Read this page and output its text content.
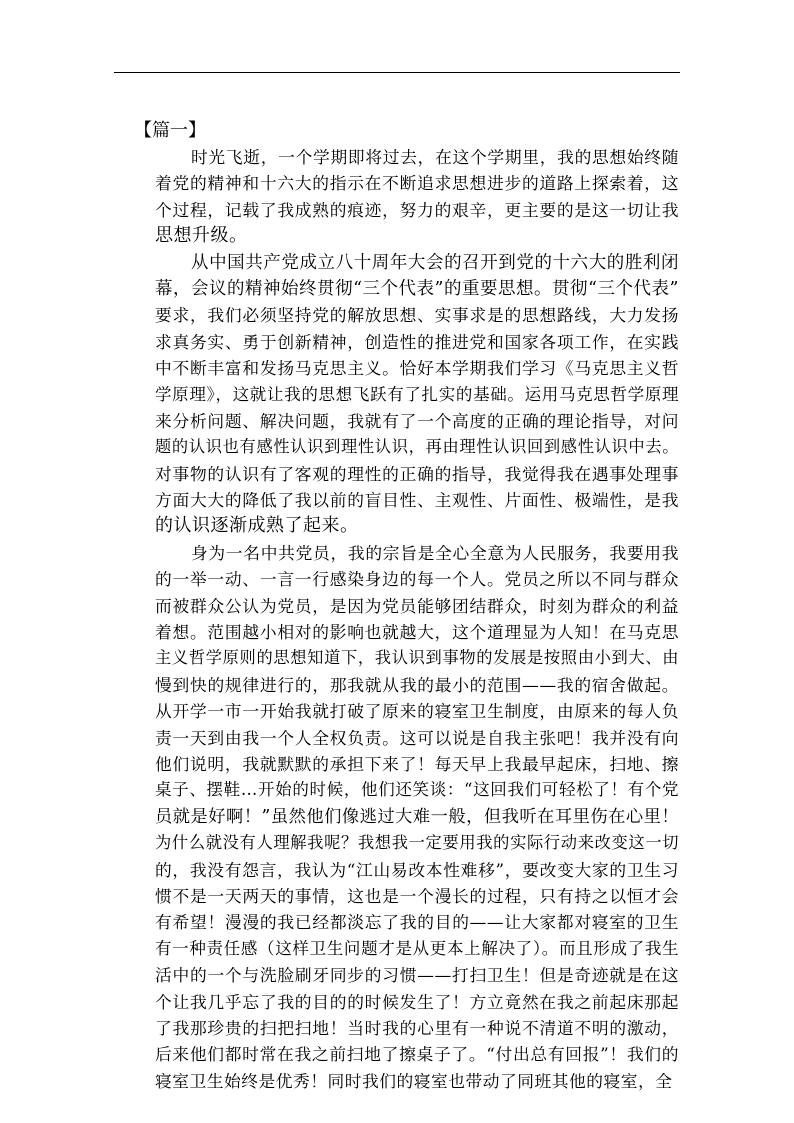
【篇一】
时光飞逝，一个学期即将过去，在这个学期里，我的思想始终随
着党的精神和十六大的指示在不断追求思想进步的道路上探索着，这
个过程，记载了我成熟的痕迹，努力的艰辛，更主要的是这一切让我
思想升级。
从中国共产党成立八十周年大会的召开到党的十六大的胜利闭
幕，会议的精神始终贯彻“三个代表”的重要思想。贯彻“三个代表”
要求，我们必须坚持党的解放思想、实事求是的思想路线，大力发扬
求真务实、勇于创新精神，创造性的推进党和国家各项工作，在实践
中不断丰富和发扬马克思主义。恰好本学期我们学习《马克思主义哲
学原理》，这就让我的思想飞跃有了扎实的基础。运用马克思哲学原理
来分析问题、解决问题，我就有了一个高度的正确的理论指导，对问
题的认识也有感性认识到理性认识，再由理性认识回到感性认识中去。
对事物的认识有了客观的理性的正确的指导，我觉得我在遇事处理事
方面大大的降低了我以前的盲目性、主观性、片面性、极端性，是我
的认识逐渐成熟了起来。
身为一名中共党员，我的宗旨是全心全意为人民服务，我要用我
的一举一动、一言一行感染身边的每一个人。党员之所以不同与群众
而被群众公认为党员，是因为党员能够团结群众，时刻为群众的利益
着想。范围越小相对的影响也就越大，这个道理显为人知！在马克思
主义哲学原则的思想知道下，我认识到事物的发展是按照由小到大、由
慢到快的规律进行的，那我就从我的最小的范围——我的宿舍做起。
从开学一市一开始我就打破了原来的寝室卫生制度，由原来的每人负
责一天到由我一个人全权负责。这可以说是自我主张吧！我并没有向
他们说明，我就默默的承担下来了！每天早上我最早起床，扫地、擦
桌子、摆鞋…开始的时候，他们还笑谈：“这回我们可轻松了！有个党
员就是好啊！”虽然他们像逃过大难一般，但我听在耳里伤在心里！
为什么就没有人理解我呢？我想我一定要用我的实际行动来改变这一切
的，我没有怨言，我认为“江山易改本性难移”，要改变大家的卫生习
惯不是一天两天的事情，这也是一个漫长的过程，只有持之以恒才会
有希望！漫漫的我已经都淡忘了我的目的——让大家都对寝室的卫生
有一种责任感（这样卫生问题才是从更本上解决了）。而且形成了我生
活中的一个与洗脸刷牙同步的习惯——打扫卫生！但是奇迹就是在这
个让我几乎忘了我的目的的时候发生了！方立竟然在我之前起床那起
了我那珍贵的扫把扫地！当时我的心里有一种说不清道不明的激动，
后来他们都时常在我之前扫地了擦桌子了。“付出总有回报”！我们的
寝室卫生始终是优秀！同时我们的寝室也带动了同班其他的寝室，全
